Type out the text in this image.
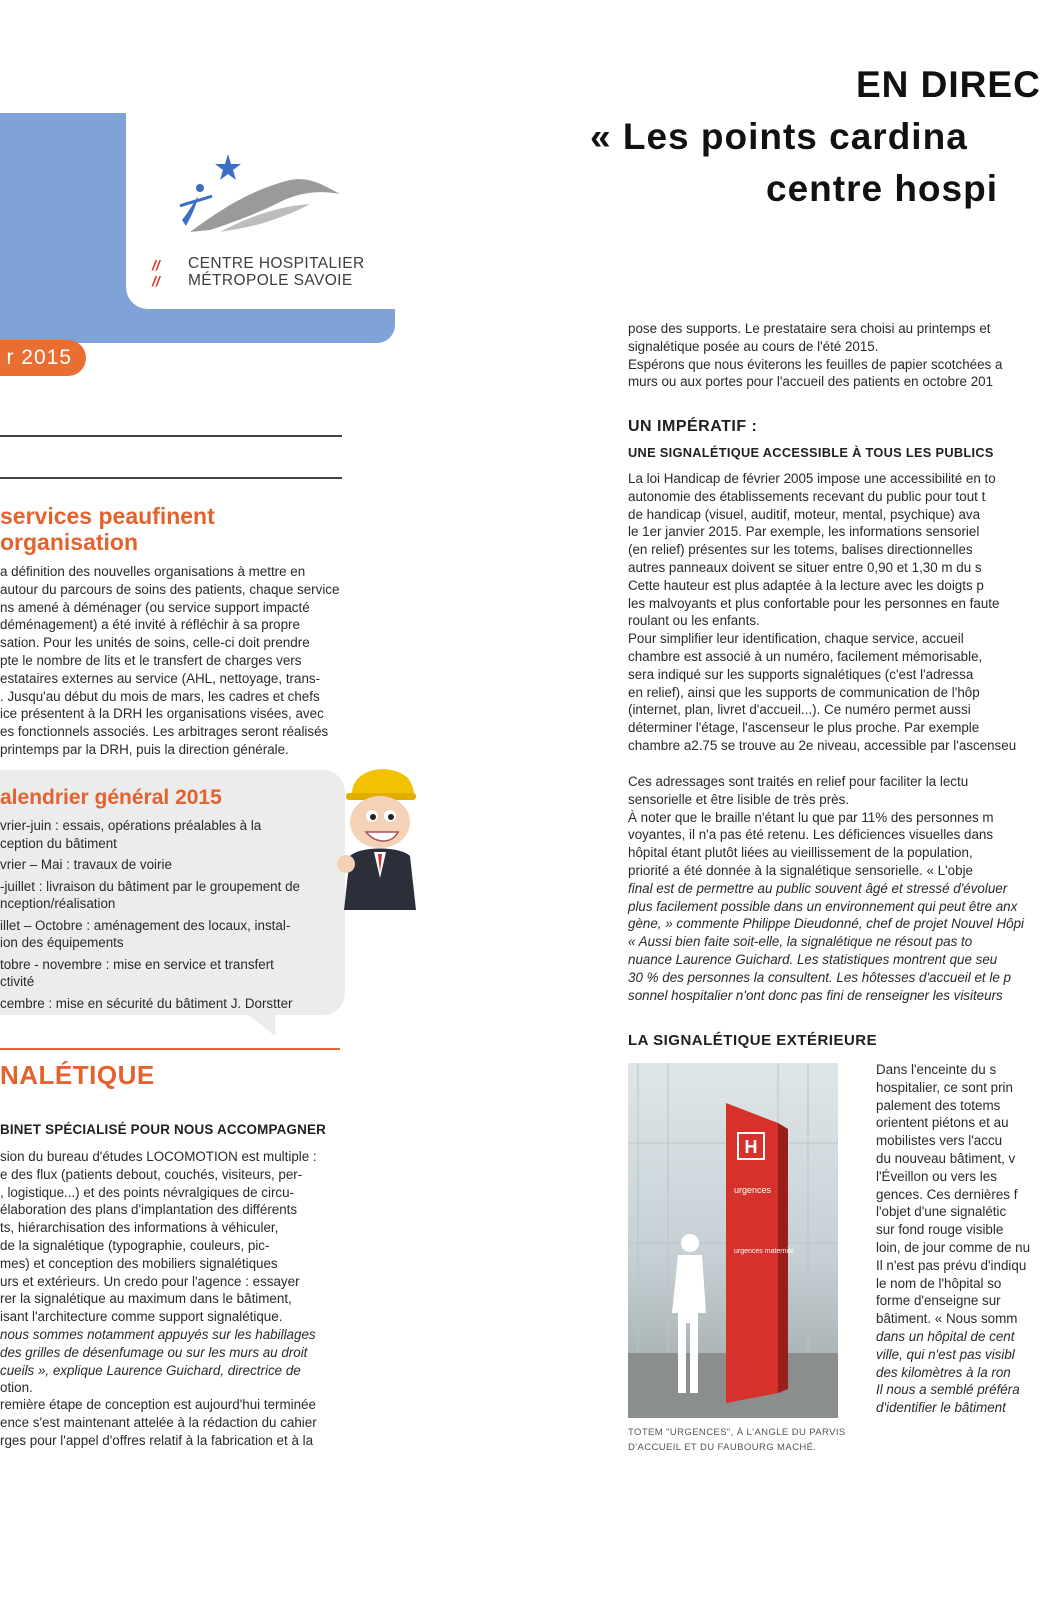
// CENTRE HOSPITALIER
// MÉTROPOLE SAVOIE
r 2015
services peaufinent
organisation
a définition des nouvelles organisations à mettre en
autour du parcours de soins des patients, chaque service
ns amené à déménager (ou service support impacté
déménagement) a été invité à réfléchir à sa propre
sation. Pour les unités de soins, celle-ci doit prendre
pte le nombre de lits et le transfert de charges vers
estataires externes au service (AHL, nettoyage, trans-
. Jusqu'au début du mois de mars, les cadres et chefs
ice présentent à la DRH les organisations visées, avec
es fonctionnels associés. Les arbitrages seront réalisés
printemps par la DRH, puis la direction générale.
alendrier général 2015
vrier-juin : essais, opérations préalables à la
ception du bâtiment
vrier – Mai : travaux de voirie
-juillet : livraison du bâtiment par le groupement de
nception/réalisation
illet – Octobre : aménagement des locaux, instal-
ion des équipements
tobre - novembre : mise en service et transfert
ctivité
cembre : mise en sécurité du bâtiment J. Dorstter
NALÉTIQUE
BINET SPÉCIALISÉ POUR NOUS ACCOMPAGNER
sion du bureau d'études LOCOMOTION est multiple :
e des flux (patients debout, couchés, visiteurs, per-
, logistique...) et des points névralgiques de circu-
élaboration des plans d'implantation des différents
ts, hiérarchisation des informations à véhiculer,
de la signalétique (typographie, couleurs, pic-
mes) et conception des mobiliers signalétiques
urs et extérieurs. Un credo pour l'agence : essayer
rer la signalétique au maximum dans le bâtiment,
isant l'architecture comme support signalétique.
nous sommes notamment appuyés sur les habillages
des grilles de désenfumage ou sur les murs au droit
cueils », explique Laurence Guichard, directrice de
otion.
remière étape de conception est aujourd'hui terminée
ence s'est maintenant attelée à la rédaction du cahier
rges pour l'appel d'offres relatif à la fabrication et à la
EN DIREC
« Les points cardina
centre hospi
pose des supports. Le prestataire sera choisi au printemps et
signalétique posée au cours de l'été 2015.
Espérons que nous éviterons les feuilles de papier scotchées a
murs ou aux portes pour l'accueil des patients en octobre 201
UN IMPÉRATIF :
UNE SIGNALÉTIQUE ACCESSIBLE À TOUS LES PUBLICS
La loi Handicap de février 2005 impose une accessibilité en to
autonomie des établissements recevant du public pour tout t
de handicap (visuel, auditif, moteur, mental, psychique) ava
le 1er janvier 2015. Par exemple, les informations sensoriel
(en relief) présentes sur les totems, balises directionnelles
autres panneaux doivent se situer entre 0,90 et 1,30 m du s
Cette hauteur est plus adaptée à la lecture avec les doigts p
les malvoyants et plus confortable pour les personnes en faute
roulant ou les enfants.
Pour simplifier leur identification, chaque service, accueil
chambre est associé à un numéro, facilement mémorisable,
sera indiqué sur les supports signalétiques (c'est l'adressa
en relief), ainsi que les supports de communication de l'hôp
(internet, plan, livret d'accueil...). Ce numéro permet aussi
déterminer l'étage, l'ascenseur le plus proche. Par exemple
chambre a2.75 se trouve au 2e niveau, accessible par l'ascenseu
Ces adressages sont traités en relief pour faciliter la lectu
sensorielle et être lisible de très près.
À noter que le braille n'étant lu que par 11% des personnes m
voyantes, il n'a pas été retenu. Les déficiences visuelles dans
hôpital étant plutôt liées au vieillissement de la population,
priorité a été donnée à la signalétique sensorielle. « L'obje
final est de permettre au public souvent âgé et stressé d'évoluer
plus facilement possible dans un environnement qui peut être anx
gène, » commente Philippe Dieudonné, chef de projet Nouvel Hôpi
« Aussi bien faite soit-elle, la signalétique ne résout pas to
nuance Laurence Guichard. Les statistiques montrent que seu
30 % des personnes la consultent. Les hôtesses d'accueil et le p
sonnel hospitalier n'ont donc pas fini de renseigner les visiteurs
LA SIGNALÉTIQUE EXTÉRIEURE
H
urgences
urgences maternité
TOTEM "URGENCES", À L'ANGLE DU PARVIS
D'ACCUEIL ET DU FAUBOURG MACHÉ.
Dans l'enceinte du s
hospitalier, ce sont prin
palement des totems
orientent piétons et au
mobilistes vers l'accu
du nouveau bâtiment, v
l'Éveillon ou vers les
gences. Ces dernières f
l'objet d'une signalétic
sur fond rouge visible
loin, de jour comme de nu
Il n'est pas prévu d'indiqu
le nom de l'hôpital so
forme d'enseigne sur
bâtiment. « Nous somm
dans un hôpital de cent
ville, qui n'est pas visibl
des kilomètres à la ron
Il nous a semblé préféra
d'identifier le bâtiment
